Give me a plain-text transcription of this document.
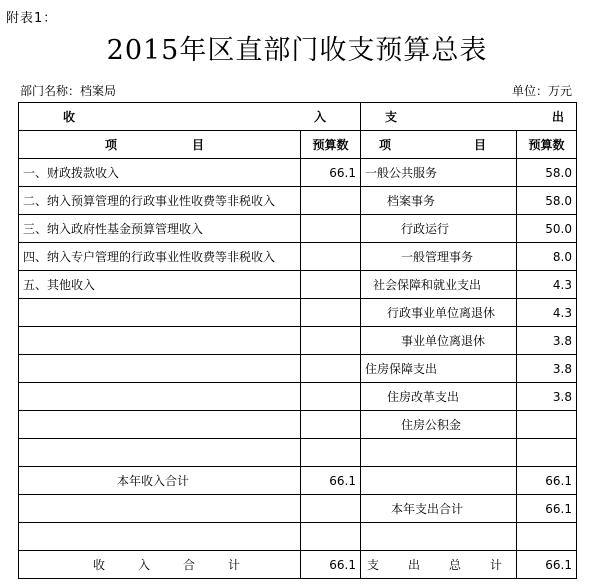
附表1：
2015年区直部门收支预算总表
部门名称：档案局	单位：万元
收 入		支 出	

项 目	预算数	项 目	预算数
一、财政拨款收入	66.1	一般公共服务	58.0
二、纳入预算管理的行政事业性收费等非税收入		档案事务	58.0
三、纳入政府性基金预算管理收入		行政运行	50.0
四、纳入专户管理的行政事业性收费等非税收入		一般管理事务	8.0
五、其他收入		社会保障和就业支出	4.3
		行政事业单位离退休	4.3
		事业单位离退休	3.8
		住房保障支出	3.8
		住房改革支出	3.8
		住房公积金	

本年收入合计	66.1		66.1
		本年支出合计	66.1

收 入 合 计	66.1	支 出 总 计	66.1
